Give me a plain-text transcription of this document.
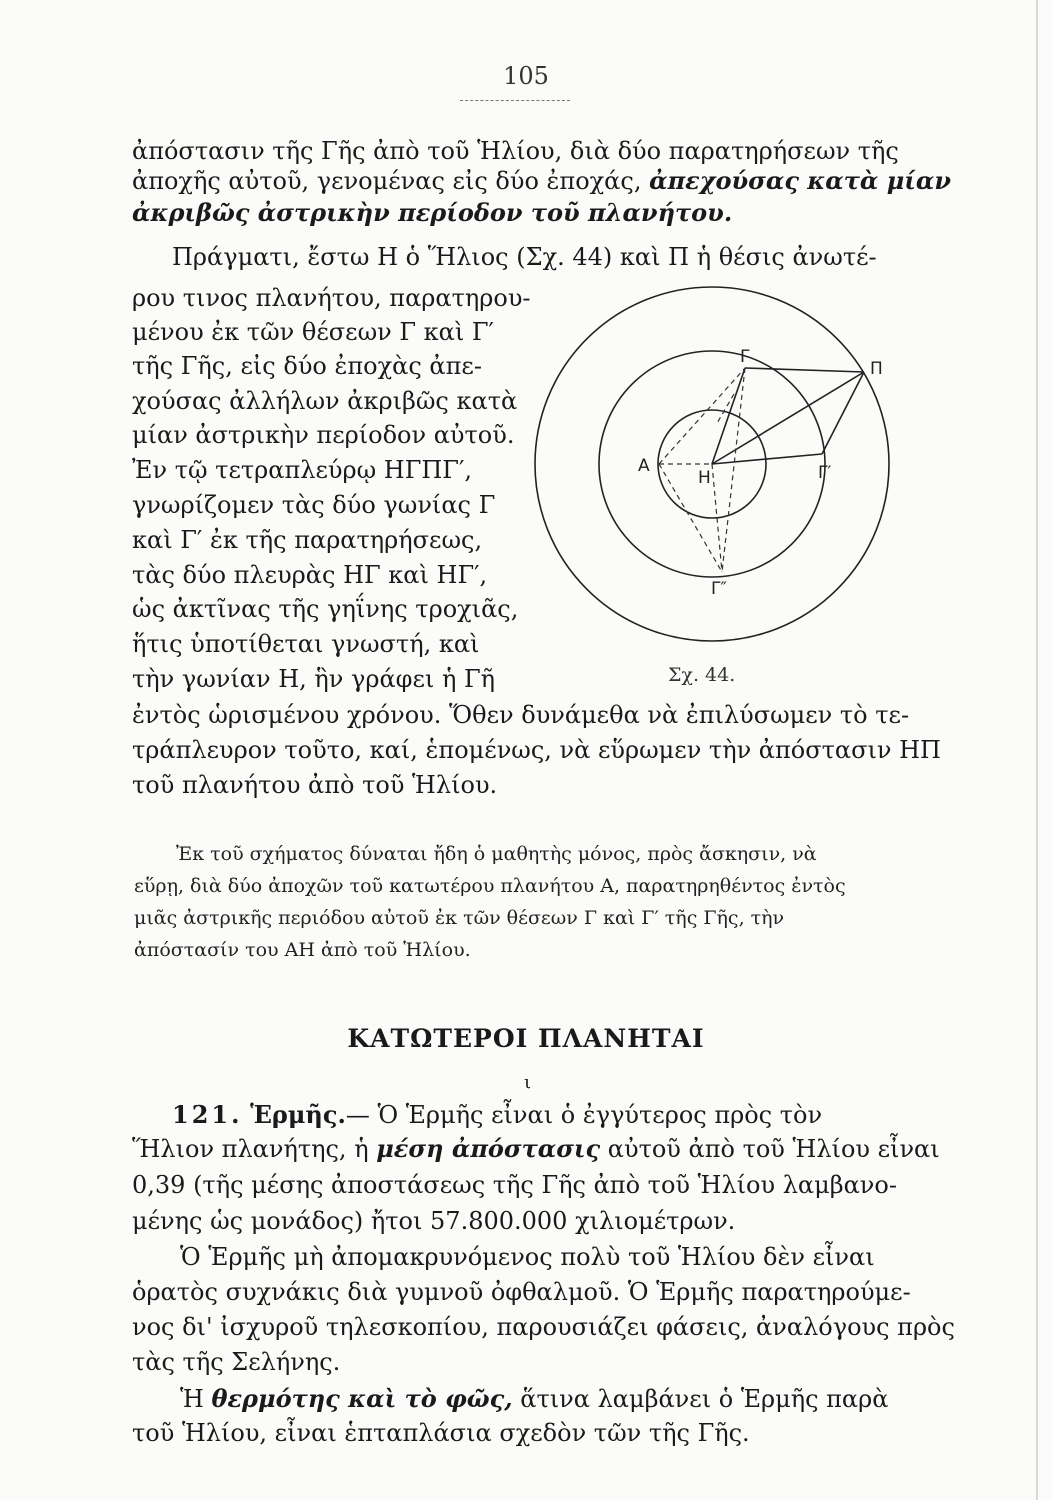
105
ἀπόστασιν τῆς Γῆς ἀπὸ τοῦ Ἡλίου, διὰ δύο παρατηρήσεων τῆς
ἀποχῆς αὐτοῦ, γενομένας εἰς δύο ἐποχάς, ἀπεχούσας κατὰ μίαν
ἀκριβῶς ἀστρικὴν περίοδον τοῦ πλανήτου.
Πράγματι, ἔστω Η ὁ Ἥλιος (Σχ. 44) καὶ Π ἡ θέσις ἀνωτέ-
ρου τινος πλανήτου, παρατηρου-
μένου ἐκ τῶν θέσεων Γ καὶ Γ′
τῆς Γῆς, εἰς δύο ἐποχὰς ἀπε-
χούσας ἀλλήλων ἀκριβῶς κατὰ
μίαν ἀστρικὴν περίοδον αὐτοῦ.
Ἐν τῷ τετραπλεύρῳ ΗΓΠΓ′,
γνωρίζομεν τὰς δύο γωνίας Γ
καὶ Γ′ ἐκ τῆς παρατηρήσεως,
τὰς δύο πλευρὰς ΗΓ καὶ ΗΓ′,
ὡς ἀκτῖνας τῆς γηΐνης τροχιᾶς,
ἥτις ὑποτίθεται γνωστή, καὶ
τὴν γωνίαν Η, ἣν γράφει ἡ Γῆ
ἐντὸς ὡρισμένου χρόνου. Ὅθεν δυνάμεθα νὰ ἐπιλύσωμεν τὸ τε-
τράπλευρον τοῦτο, καί, ἑπομένως, νὰ εὕρωμεν τὴν ἀπόστασιν ΗΠ
τοῦ πλανήτου ἀπὸ τοῦ Ἡλίου.
Γ
Π
Α
Η	Γ′
Γ″
Σχ. 44.
Ἐκ τοῦ σχήματος δύναται ἤδη ὁ μαθητὴς μόνος, πρὸς ἄσκησιν, νὰ
εὕρῃ, διὰ δύο ἀποχῶν τοῦ κατωτέρου πλανήτου Α, παρατηρηθέντος ἐντὸς
μιᾶς ἀστρικῆς περιόδου αὐτοῦ ἐκ τῶν θέσεων Γ καὶ Γ′ τῆς Γῆς, τὴν
ἀπόστασίν του ΑΗ ἀπὸ τοῦ Ἡλίου.
ΚΑΤΩΤΕΡΟΙ ΠΛΑΝΗΤΑΙ
ι
121. Ἑρμῆς.— Ὁ Ἑρμῆς εἶναι ὁ ἐγγύτερος πρὸς τὸν
Ἥλιον πλανήτης, ἡ μέση ἀπόστασις αὐτοῦ ἀπὸ τοῦ Ἡλίου εἶναι
0,39 (τῆς μέσης ἀποστάσεως τῆς Γῆς ἀπὸ τοῦ Ἡλίου λαμβανο-
μένης ὡς μονάδος) ἤτοι 57.800.000 χιλιομέτρων.
Ὁ Ἑρμῆς μὴ ἀπομακρυνόμενος πολὺ τοῦ Ἡλίου δὲν εἶναι
ὁρατὸς συχνάκις διὰ γυμνοῦ ὀφθαλμοῦ. Ὁ Ἑρμῆς παρατηρούμε-
νος δι' ἰσχυροῦ τηλεσκοπίου, παρουσιάζει φάσεις, ἀναλόγους πρὸς
τὰς τῆς Σελήνης.
Ἡ θερμότης καὶ τὸ φῶς, ἅτινα λαμβάνει ὁ Ἑρμῆς παρὰ
τοῦ Ἡλίου, εἶναι ἑπταπλάσια σχεδὸν τῶν τῆς Γῆς.
